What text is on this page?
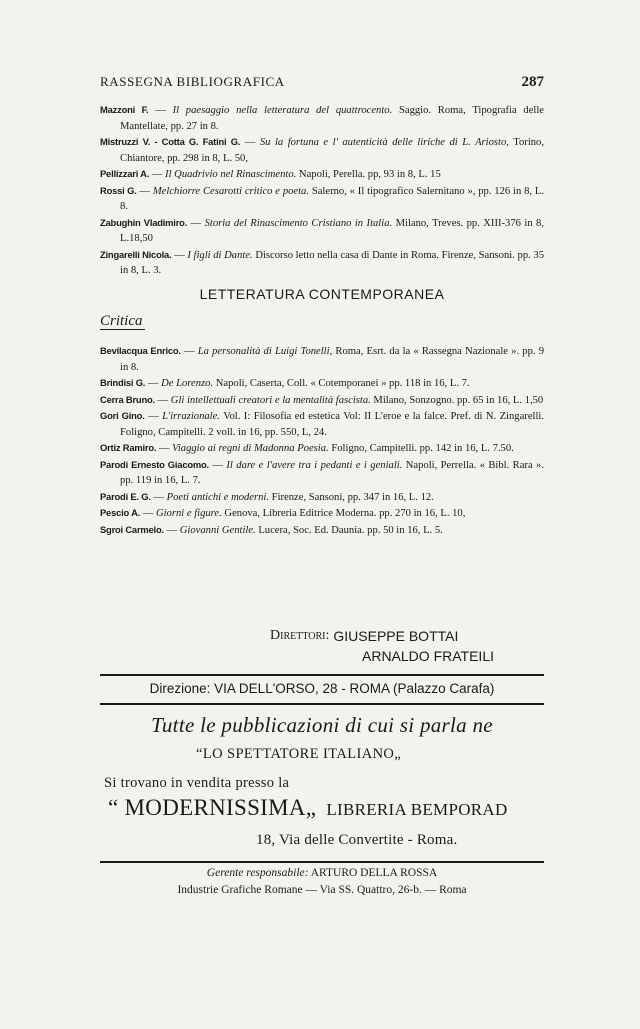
RASSEGNA BIBLIOGRAFICA	287

Mazzoni F. — Il paesaggio nella letteratura del quattrocento. Saggio. Roma, Tipografia delle Mantellate, pp. 27 in 8.

Mistruzzi V. - Cotta G. Fatini G. — Su la fortuna e l' autenticità delle liriche di L. Ariosto, Torino, Chiantore, pp. 298 in 8, L. 50,

Pellizzari A. — Il Quadrivio nel Rinascimento. Napoli, Perella. pp, 93 in 8, L. 15

Rossi G. — Melchiorre Cesarotti critico e poeta. Salerno, « Il tipografico Salernitano », pp. 126 in 8, L. 8.

Zabughin Vladimiro. — Storia del Rinascimento Cristiano in Italia. Milano, Treves. pp. XIII-376 in 8, L.18,50

Zingarelli Nicola. — I figli di Dante. Discorso letto nella casa di Dante in Roma. Firenze, Sansoni. pp. 35 in 8, L. 3.

LETTERATURA CONTEMPORANEA
Critica

Bevilacqua Enrico. — La personalità di Luigi Tonelli, Roma, Esrt. da la « Rassegna Nazionale ». pp. 9 in 8.

Brindisi G. — De Lorenzo. Napoli, Caserta, Coll. « Cotemporanei » pp. 118 in 16, L. 7.

Cerra Bruno. — Gli intellettuali creatori e la mentalità fascista. Milano, Sonzogno. pp. 65 in 16, L. 1,50

Gori Gino. — L'irrazionale. Vol. I: Filosofia ed estetica Vol: II L'eroe e la falce. Pref. di N. Zingarelli. Foligno, Campitelli. 2 voll. in 16, pp. 550, L, 24.

Ortiz Ramiro. — Viaggio ai regni di Madonna Poesia. Foligno, Campitelli. pp. 142 in 16, L. 7.50.

Parodi Ernesto Giacomo. — Il dare e l'avere tra i pedanti e i geniali. Napoli, Perrella. « Bibl. Rara ». pp. 119 in 16, L. 7.

Parodi E. G. — Poeti antichi e moderni. Firenze, Sansoni, pp. 347 in 16, L. 12.

Pescio A. — Giorni e figure. Genova, Libreria Editrice Moderna. pp. 270 in 16, L. 10,

Sgroi Carmelo. — Giovanni Gentile. Lucera, Soc. Ed. Daunia. pp. 50 in 16, L. 5.

Direttori: GIUSEPPE BOTTAI
ARNALDO FRATEILI
Direzione: VIA DELL'ORSO, 28 - ROMA (Palazzo Carafa)
Tutte le pubblicazioni di cui si parla ne
“LO SPETTATORE ITALIANO„
Si trovano in vendita presso la
“ MODERNISSIMA„ LIBRERIA BEMPORAD
18, Via delle Convertite - Roma.
Gerente responsabile: ARTURO DELLA ROSSA
Industrie Grafiche Romane — Via SS. Quattro, 26-b. — Roma
